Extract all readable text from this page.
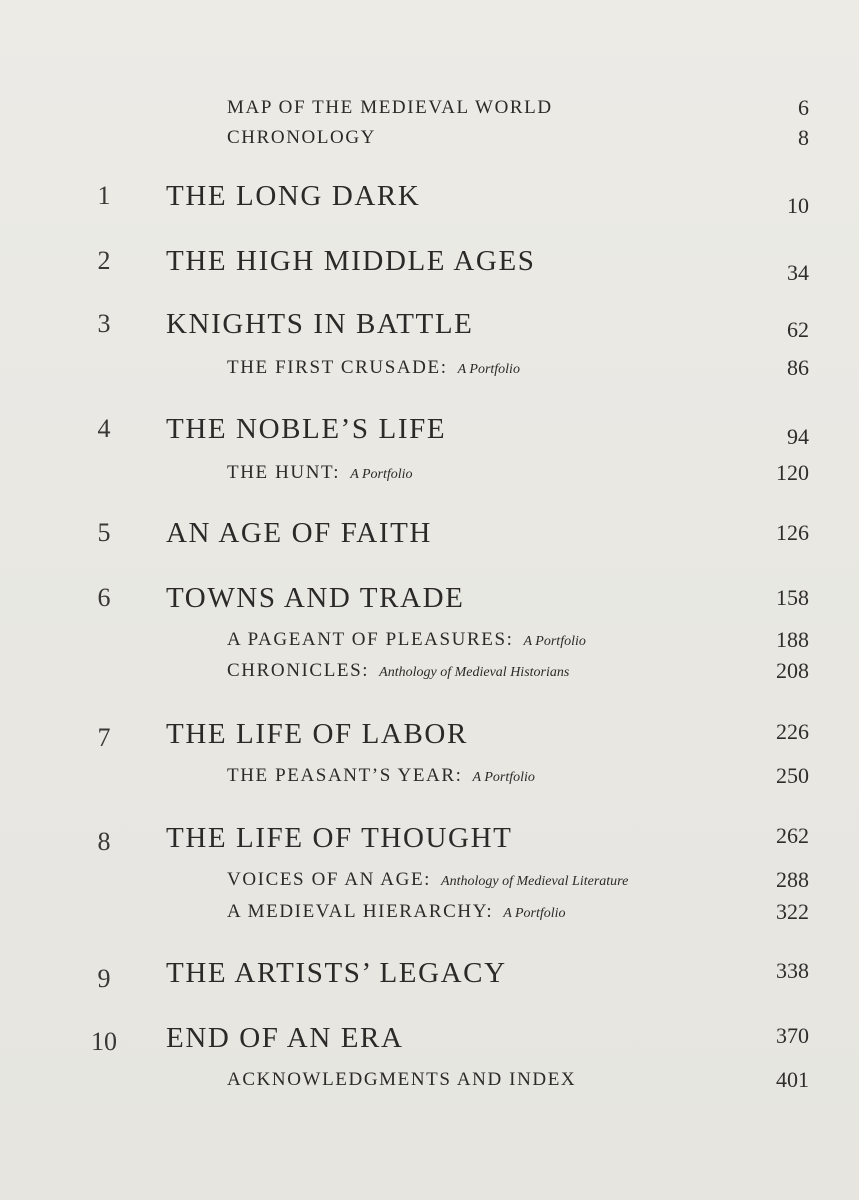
MAP OF THE MEDIEVAL WORLD	6
CHRONOLOGY	8
1	THE LONG DARK	10
2	THE HIGH MIDDLE AGES	34
3	KNIGHTS IN BATTLE	62
THE FIRST CRUSADE: A Portfolio	86
4	THE NOBLE’S LIFE	94
THE HUNT: A Portfolio	120
5	AN AGE OF FAITH	126
6	TOWNS AND TRADE	158
A PAGEANT OF PLEASURES: A Portfolio	188
CHRONICLES: Anthology of Medieval Historians	208
7	THE LIFE OF LABOR	226
THE PEASANT’S YEAR: A Portfolio	250
8	THE LIFE OF THOUGHT	262
VOICES OF AN AGE: Anthology of Medieval Literature	288
A MEDIEVAL HIERARCHY: A Portfolio	322
9	THE ARTISTS’ LEGACY	338
10 END OF AN ERA	370
ACKNOWLEDGMENTS AND INDEX	401
